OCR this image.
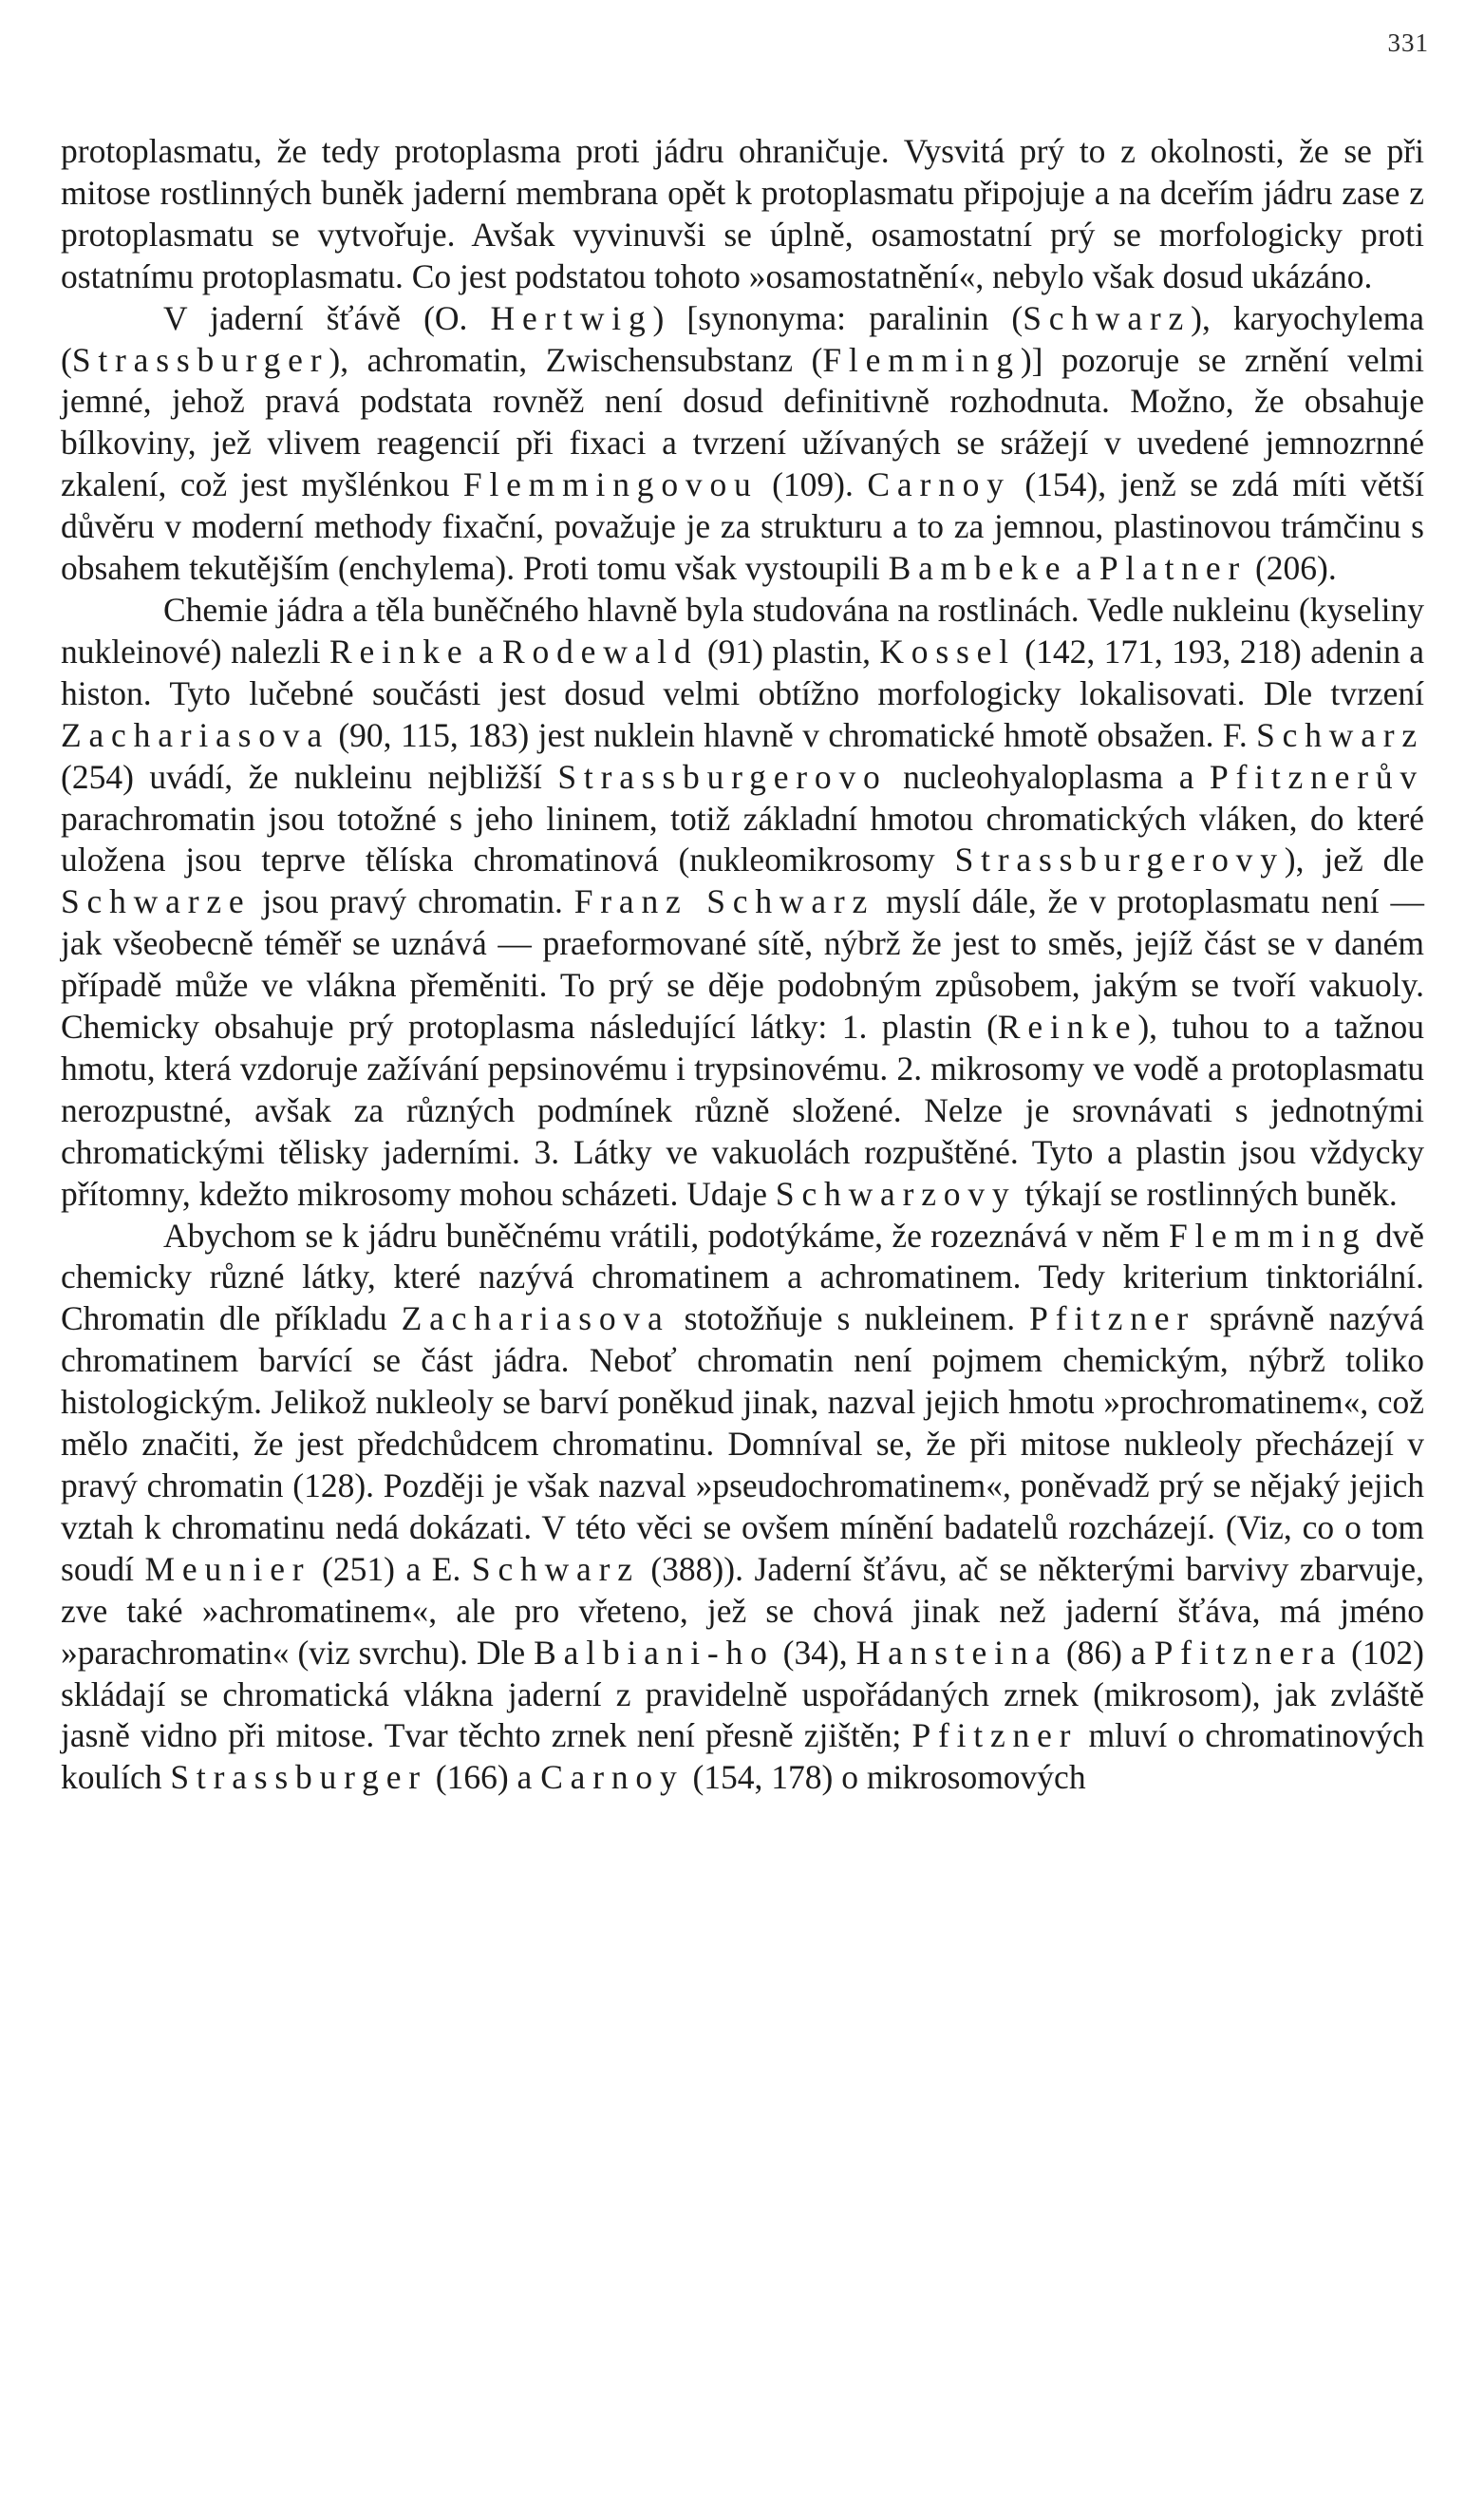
331

protoplasmatu, že tedy protoplasma proti jádru ohraničuje. Vysvitá prý to z okolnosti, že se při mitose rostlinných buněk jaderní membrana opět k protoplasmatu připojuje a na dceřím jádru zase z protoplasmatu se vytvořuje. Avšak vyvinuvši se úplně, osamostatní prý se morfologicky proti ostatnímu protoplasmatu. Co jest podstatou tohoto »osamostatnění«, nebylo však dosud ukázáno.

V jaderní šťávě (O. Hertwig) [synonyma: paralinin (Schwarz), karyochylema (Strassburger), achromatin, Zwischensubstanz (Flemming)] pozoruje se zrnění velmi jemné, jehož pravá podstata rovněž není dosud definitivně rozhodnuta. Možno, že obsahuje bílkoviny, jež vlivem reagencií při fixaci a tvrzení užívaných se srážejí v uvedené jemnozrnné zkalení, což jest myšlénkou Flemmingovou (109). Carnoy (154), jenž se zdá míti větší důvěru v moderní methody fixační, považuje je za strukturu a to za jemnou, plastinovou trámčinu s obsahem tekutějším (enchylema). Proti tomu však vystoupili Bambeke a Platner (206).

Chemie jádra a těla buněčného hlavně byla studována na rostlinách. Vedle nukleinu (kyseliny nukleinové) nalezli Reinke a Rodewald (91) plastin, Kossel (142, 171, 193, 218) adenin a histon. Tyto lučebné součásti jest dosud velmi obtížno morfologicky lokalisovati. Dle tvrzení Zachariasova (90, 115, 183) jest nuklein hlavně v chromatické hmotě obsažen. F. Schwarz (254) uvádí, že nukleinu nejbližší Strassburgerovo nucleohyaloplasma a Pfitznerův parachromatin jsou totožné s jeho lininem, totiž základní hmotou chromatických vláken, do které uložena jsou teprve tělíska chromatinová (nukleomikrosomy Strassburgerovy), jež dle Schwarze jsou pravý chromatin. Franz Schwarz myslí dále, že v protoplasmatu není — jak všeobecně téměř se uznává — praeformované sítě, nýbrž že jest to směs, jejíž část se v daném případě může ve vlákna přeměniti. To prý se děje podobným způsobem, jakým se tvoří vakuoly. Chemicky obsahuje prý protoplasma následující látky: 1. plastin (Reinke), tuhou to a tažnou hmotu, která vzdoruje zažívání pepsinovému i trypsinovému. 2. mikrosomy ve vodě a protoplasmatu nerozpustné, avšak za různých podmínek různě složené. Nelze je srovnávati s jednotnými chromatickými tělisky jaderními. 3. Látky ve vakuolách rozpuštěné. Tyto a plastin jsou vždycky přítomny, kdežto mikrosomy mohou scházeti. Udaje Schwarzovy týkají se rostlinných buněk.

Abychom se k jádru buněčnému vrátili, podotýkáme, že rozeznává v něm Flemming dvě chemicky různé látky, které nazývá chromatinem a achromatinem. Tedy kriterium tinktoriální. Chromatin dle příkladu Zachariasova stotožňuje s nukleinem. Pfitzner správně nazývá chromatinem barvící se část jádra. Neboť chromatin není pojmem chemickým, nýbrž toliko histologickým. Jelikož nukleoly se barví poněkud jinak, nazval jejich hmotu »prochromatinem«, což mělo značiti, že jest předchůdcem chromatinu. Domníval se, že při mitose nukleoly přecházejí v pravý chromatin (128). Později je však nazval »pseudochromatinem«, poněvadž prý se nějaký jejich vztah k chromatinu nedá dokázati. V této věci se ovšem mínění badatelů rozcházejí. (Viz, co o tom soudí Meunier (251) a E. Schwarz (388)). Jaderní šťávu, ač se některými barvivy zbarvuje, zve také »achromatinem«, ale pro vřeteno, jež se chová jinak než jaderní šťáva, má jméno »parachromatin« (viz svrchu). Dle Balbiani-ho (34), Hansteina (86) a Pfitznera (102) skládají se chromatická vlákna jaderní z pravidelně uspořádaných zrnek (mikrosom), jak zvláště jasně vidno při mitose. Tvar těchto zrnek není přesně zjištěn; Pfitzner mluví o chromatinových koulích Strassburger (166) a Carnoy (154, 178) o mikrosomových
